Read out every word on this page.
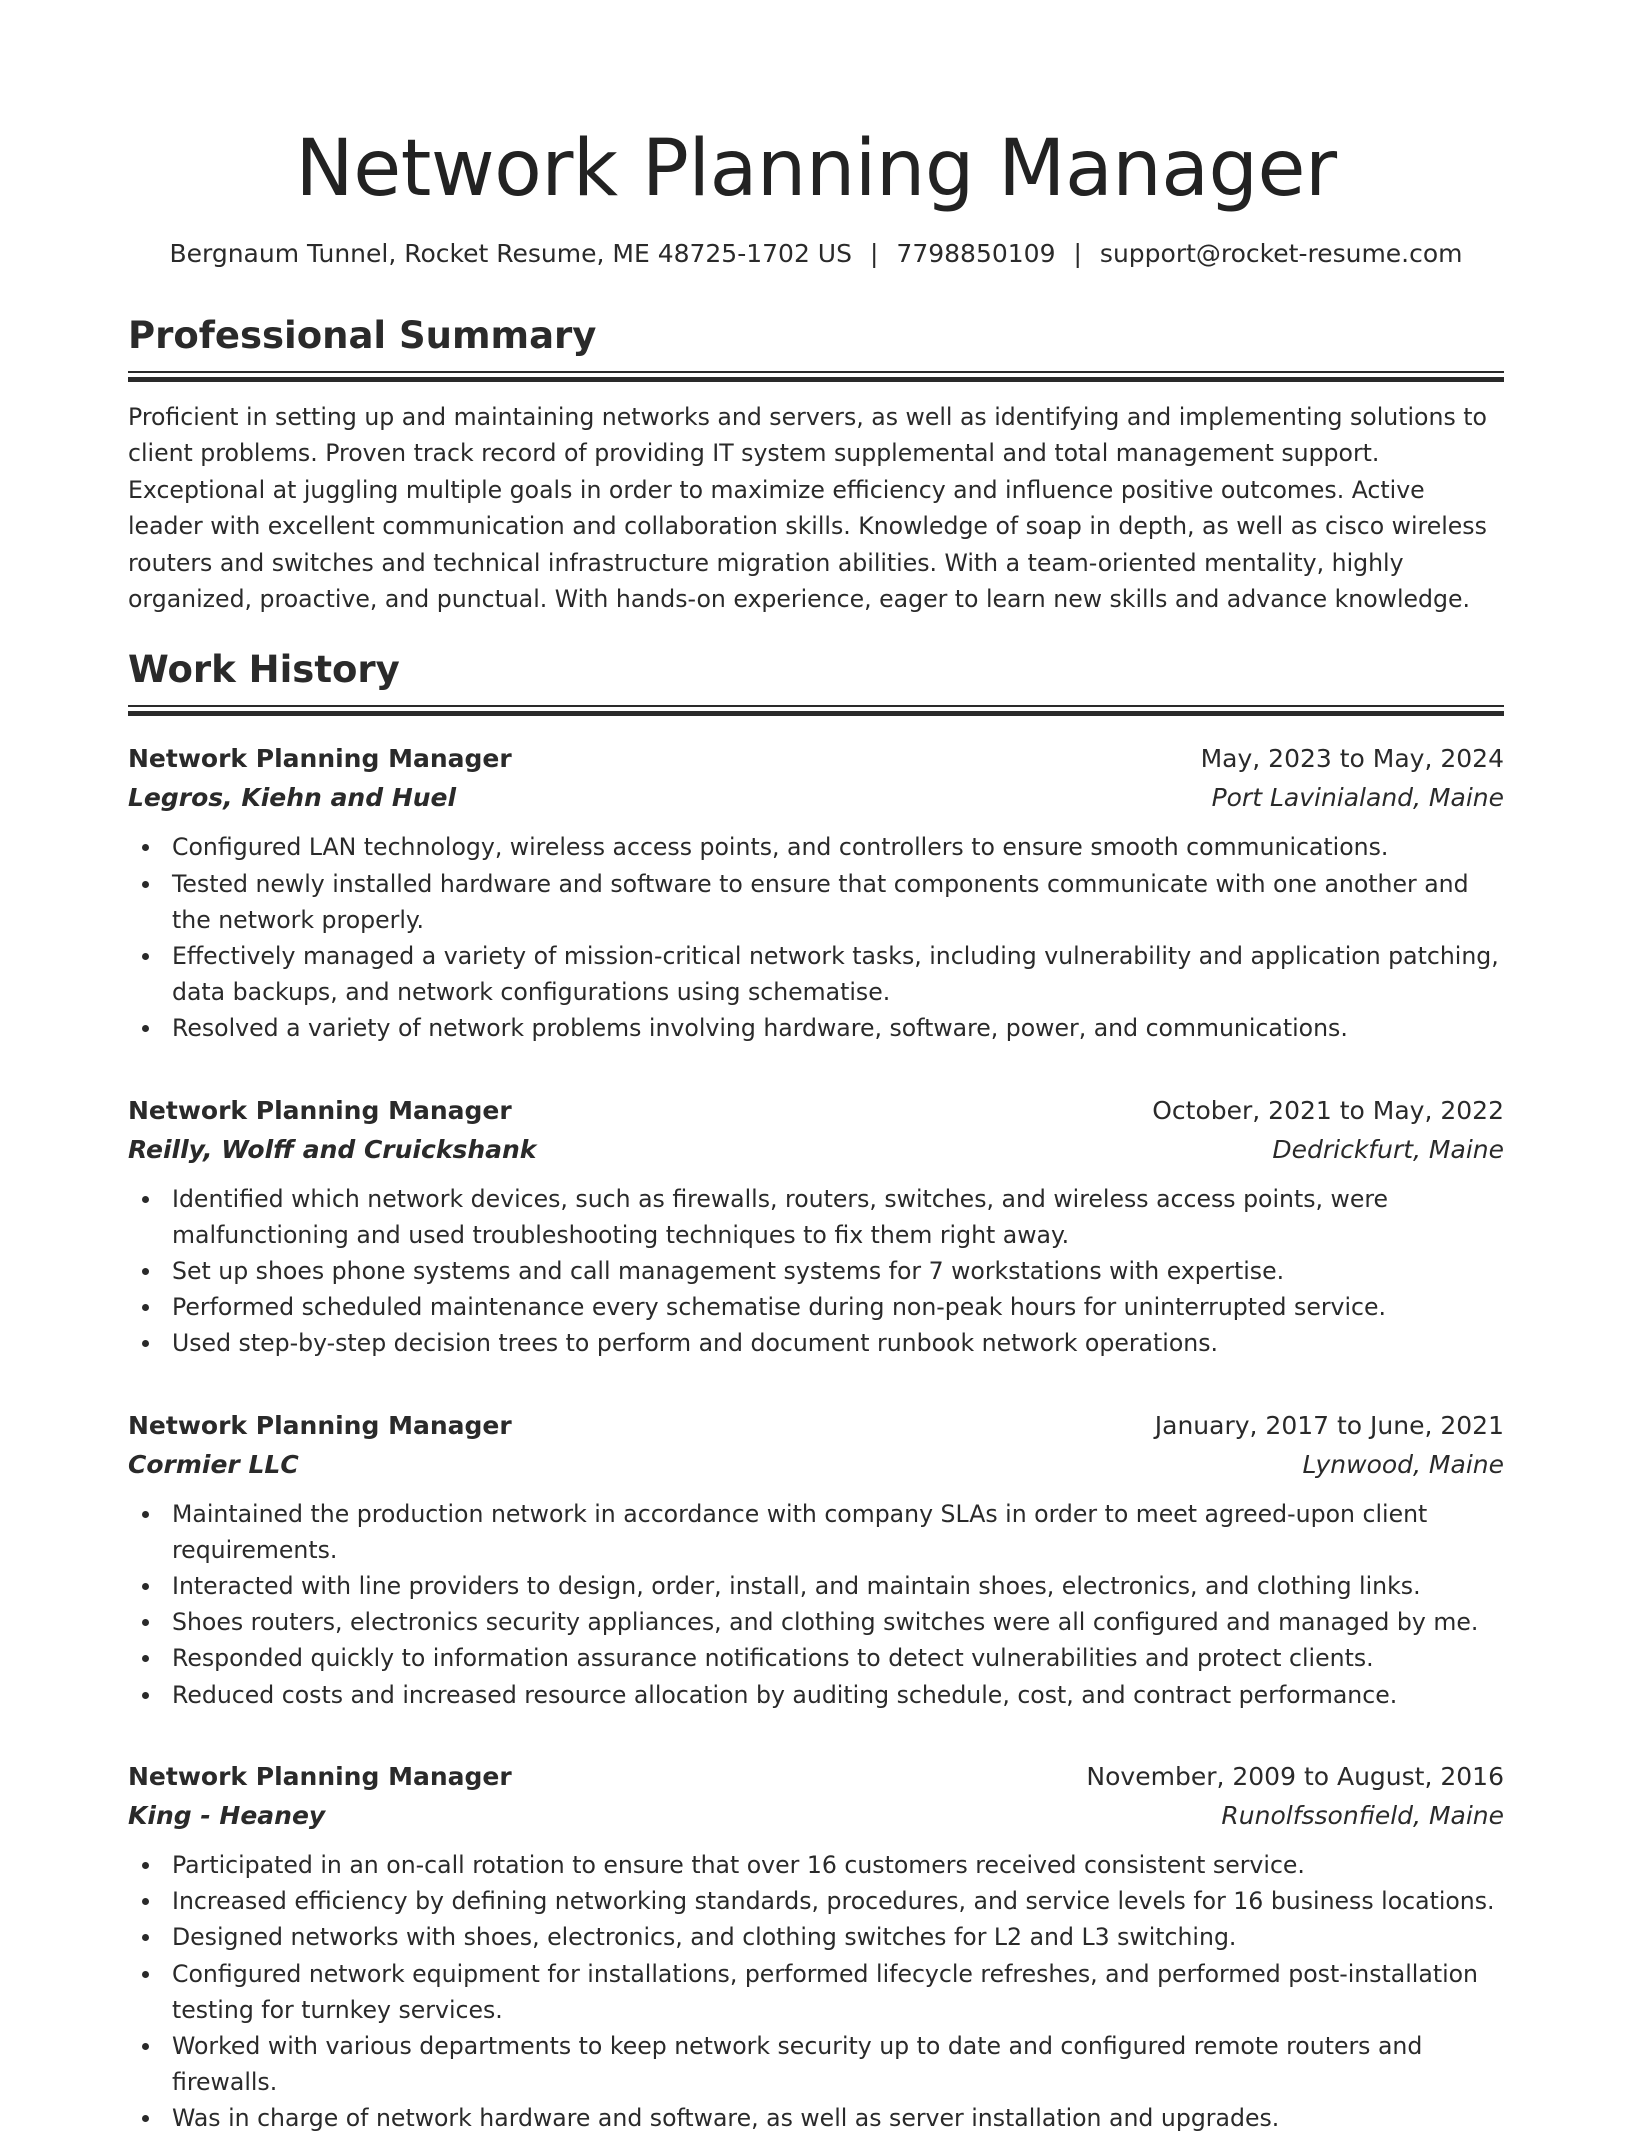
Network Planning Manager
Bergnaum Tunnel, Rocket Resume, ME 48725-1702 US | 7798850109 | support@rocket-resume.com
Professional Summary
Proficient in setting up and maintaining networks and servers, as well as identifying and implementing solutions to client problems. Proven track record of providing IT system supplemental and total management support. Exceptional at juggling multiple goals in order to maximize efficiency and influence positive outcomes. Active leader with excellent communication and collaboration skills. Knowledge of soap in depth, as well as cisco wireless routers and switches and technical infrastructure migration abilities. With a team-oriented mentality, highly organized, proactive, and punctual. With hands-on experience, eager to learn new skills and advance knowledge.
Work History
Network Planning Manager	May, 2023 to May, 2024
Legros, Kiehn and Huel	Port Lavinialand, Maine
Configured LAN technology, wireless access points, and controllers to ensure smooth communications.
Tested newly installed hardware and software to ensure that components communicate with one another and the network properly.
Effectively managed a variety of mission-critical network tasks, including vulnerability and application patching, data backups, and network configurations using schematise.
Resolved a variety of network problems involving hardware, software, power, and communications.
Network Planning Manager	October, 2021 to May, 2022
Reilly, Wolff and Cruickshank	Dedrickfurt, Maine
Identified which network devices, such as firewalls, routers, switches, and wireless access points, were malfunctioning and used troubleshooting techniques to fix them right away.
Set up shoes phone systems and call management systems for 7 workstations with expertise.
Performed scheduled maintenance every schematise during non-peak hours for uninterrupted service.
Used step-by-step decision trees to perform and document runbook network operations.
Network Planning Manager	January, 2017 to June, 2021
Cormier LLC	Lynwood, Maine
Maintained the production network in accordance with company SLAs in order to meet agreed-upon client requirements.
Interacted with line providers to design, order, install, and maintain shoes, electronics, and clothing links.
Shoes routers, electronics security appliances, and clothing switches were all configured and managed by me.
Responded quickly to information assurance notifications to detect vulnerabilities and protect clients.
Reduced costs and increased resource allocation by auditing schedule, cost, and contract performance.
Network Planning Manager	November, 2009 to August, 2016
King - Heaney	Runolfssonfield, Maine
Participated in an on-call rotation to ensure that over 16 customers received consistent service.
Increased efficiency by defining networking standards, procedures, and service levels for 16 business locations.
Designed networks with shoes, electronics, and clothing switches for L2 and L3 switching.
Configured network equipment for installations, performed lifecycle refreshes, and performed post-installation testing for turnkey services.
Worked with various departments to keep network security up to date and configured remote routers and firewalls.
Was in charge of network hardware and software, as well as server installation and upgrades.
